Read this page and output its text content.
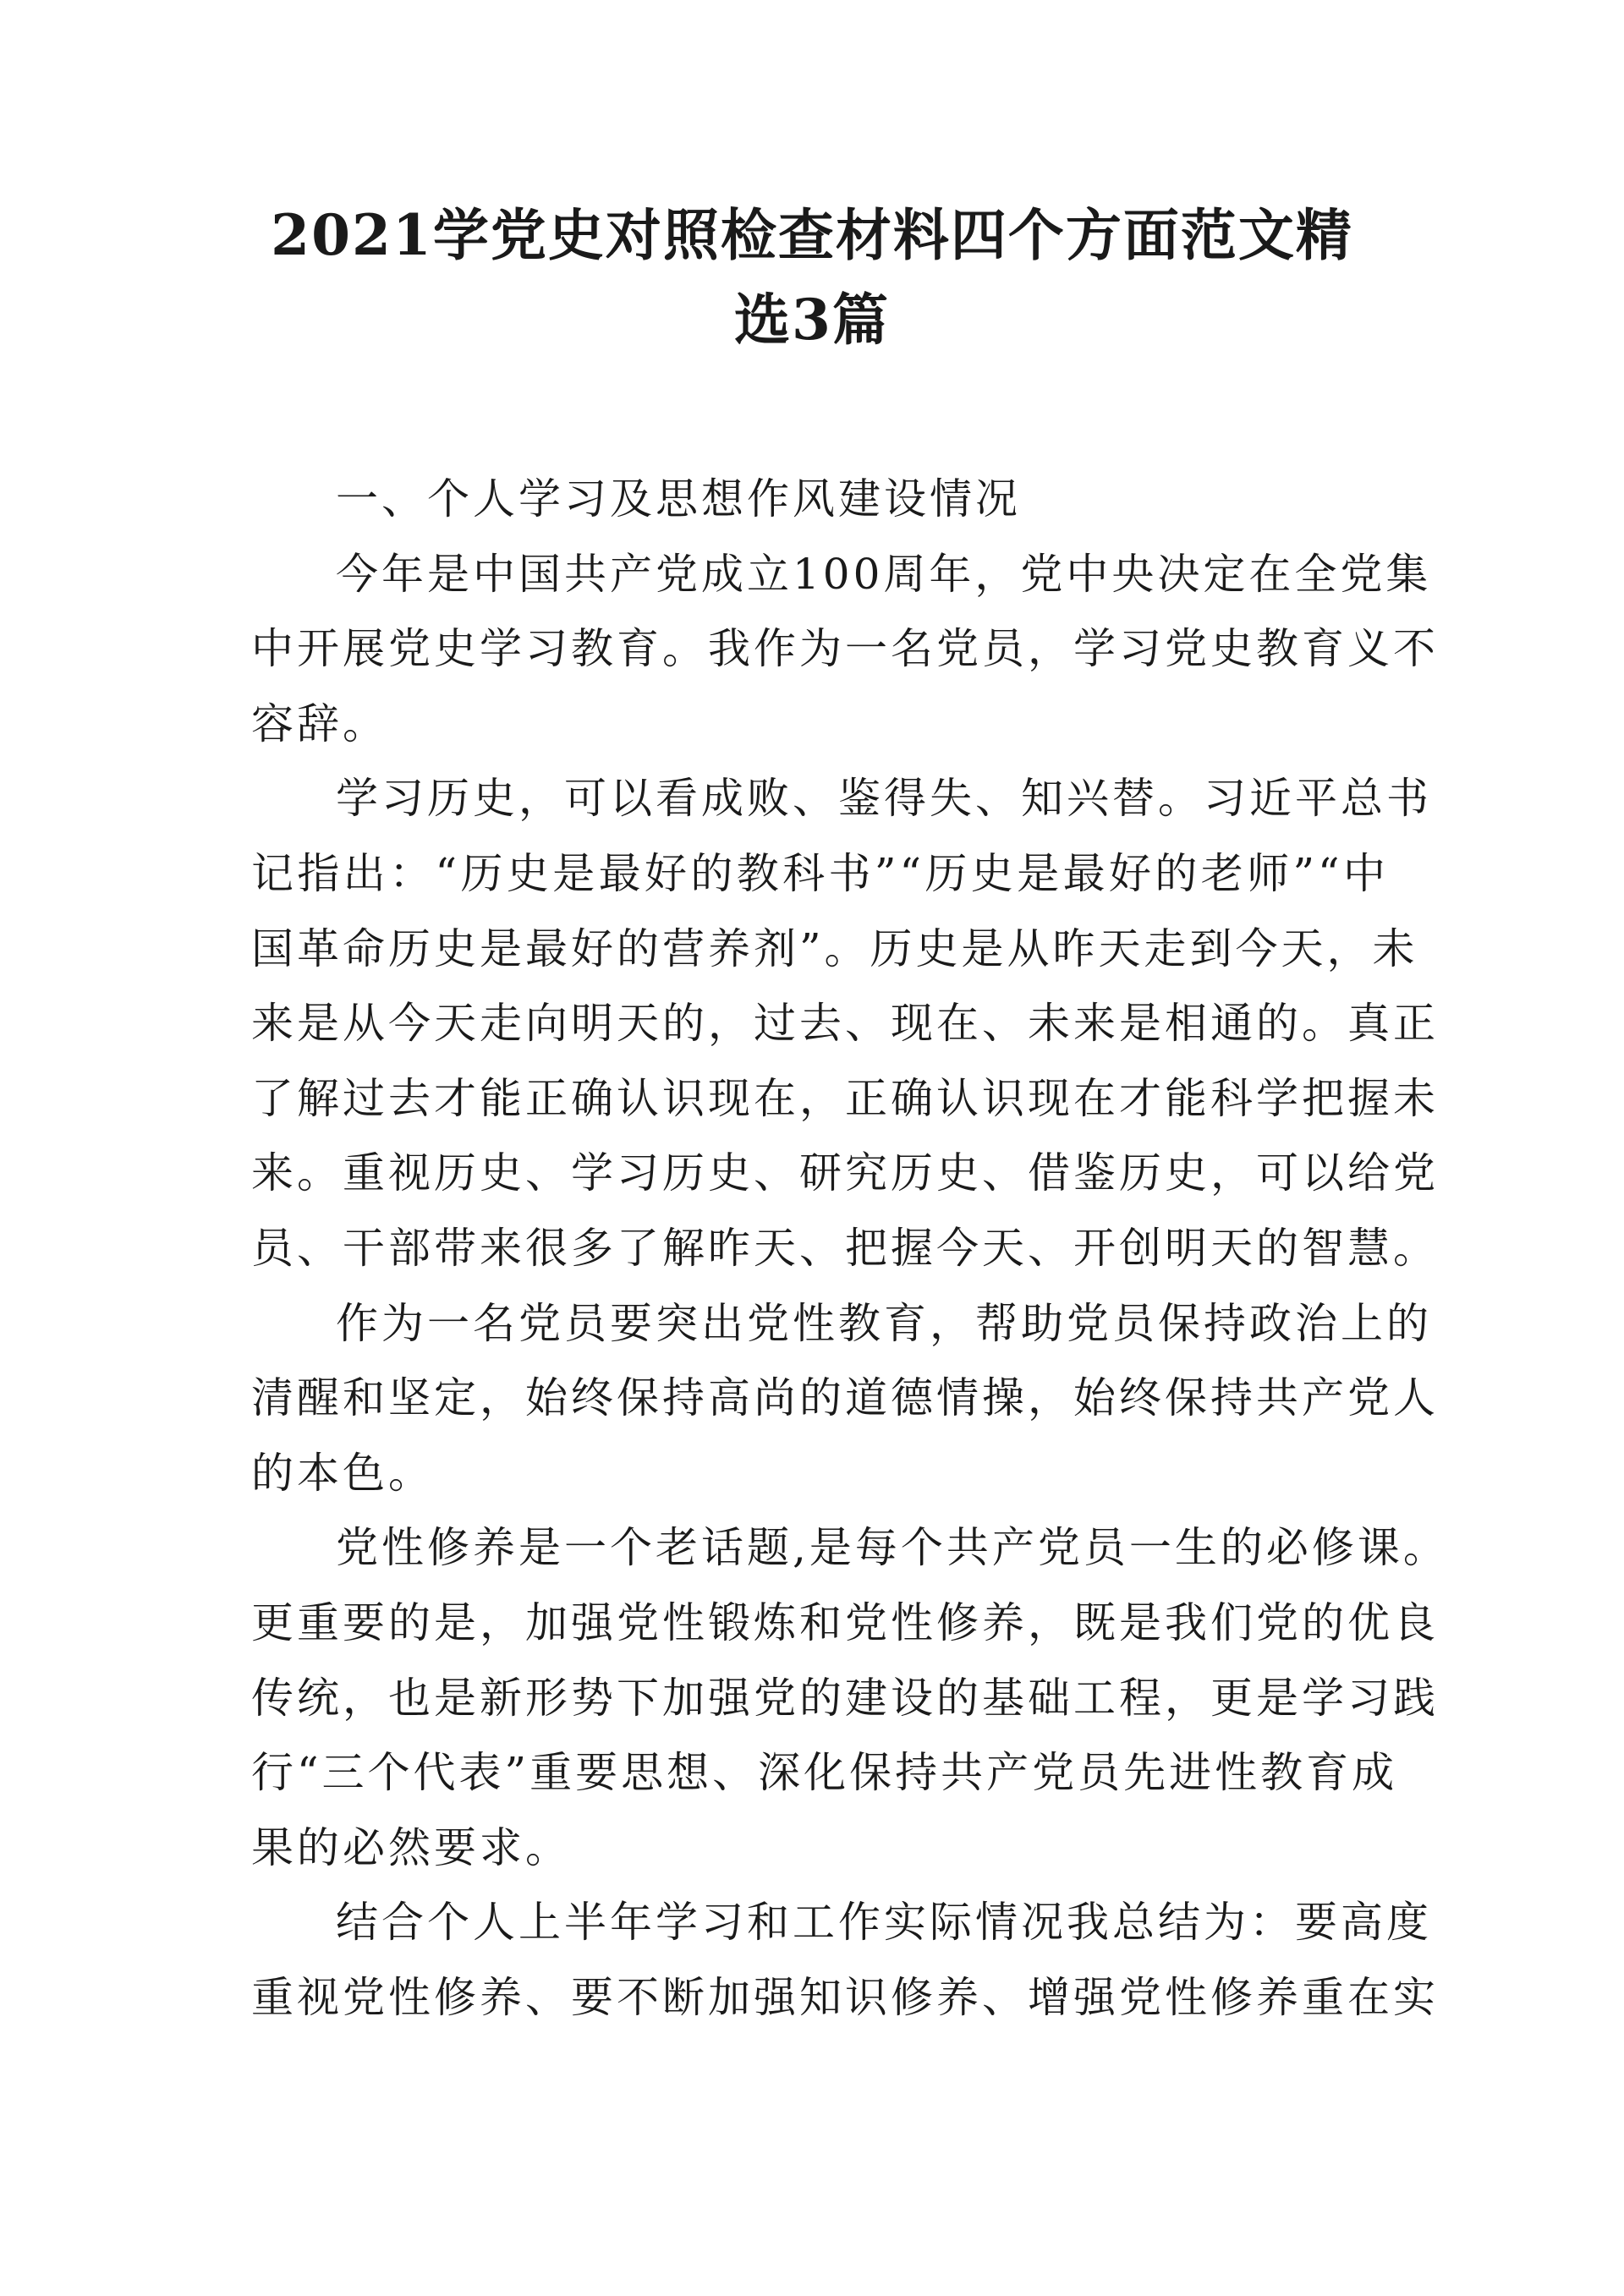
2021学党史对照检查材料四个方面范文精
选3篇

一、个人学习及思想作风建设情况

今年是中国共产党成立100周年，党中央决定在全党集
中开展党史学习教育。我作为一名党员，学习党史教育义不
容辞。

学习历史，可以看成败、鉴得失、知兴替。习近平总书
记指出：“历史是最好的教科书”“历史是最好的老师”“中
国革命历史是最好的营养剂”。历史是从昨天走到今天，未
来是从今天走向明天的，过去、现在、未来是相通的。真正
了解过去才能正确认识现在，正确认识现在才能科学把握未
来。重视历史、学习历史、研究历史、借鉴历史，可以给党
员、干部带来很多了解昨天、把握今天、开创明天的智慧。

作为一名党员要突出党性教育，帮助党员保持政治上的
清醒和坚定，始终保持高尚的道德情操，始终保持共产党人
的本色。

党性修养是一个老话题,是每个共产党员一生的必修课。
更重要的是，加强党性锻炼和党性修养，既是我们党的优良
传统，也是新形势下加强党的建设的基础工程，更是学习践
行“三个代表”重要思想、深化保持共产党员先进性教育成
果的必然要求。

结合个人上半年学习和工作实际情况我总结为：要高度
重视党性修养、要不断加强知识修养、增强党性修养重在实
